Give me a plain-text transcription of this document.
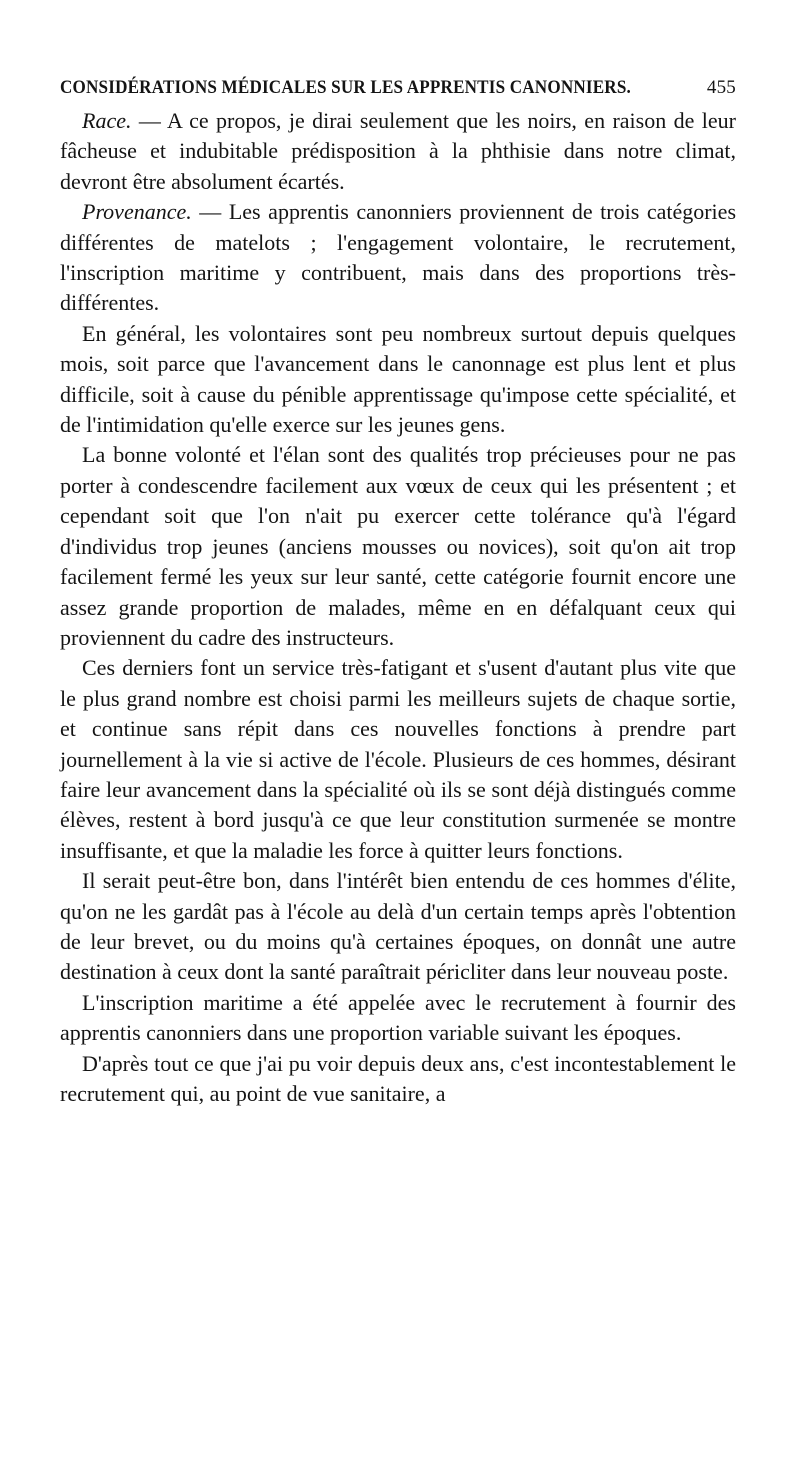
CONSIDÉRATIONS MÉDICALES SUR LES APPRENTIS CANONNIERS.	455

Race. — A ce propos, je dirai seulement que les noirs, en raison de leur fâcheuse et indubitable prédisposition à la phthisie dans notre climat, devront être absolument écartés.

Provenance. — Les apprentis canonniers proviennent de trois catégories différentes de matelots ; l'engagement volontaire, le recrutement, l'inscription maritime y contribuent, mais dans des proportions très-différentes.

En général, les volontaires sont peu nombreux surtout depuis quelques mois, soit parce que l'avancement dans le canonnage est plus lent et plus difficile, soit à cause du pénible apprentissage qu'impose cette spécialité, et de l'intimidation qu'elle exerce sur les jeunes gens.

La bonne volonté et l'élan sont des qualités trop précieuses pour ne pas porter à condescendre facilement aux vœux de ceux qui les présentent ; et cependant soit que l'on n'ait pu exercer cette tolérance qu'à l'égard d'individus trop jeunes (anciens mousses ou novices), soit qu'on ait trop facilement fermé les yeux sur leur santé, cette catégorie fournit encore une assez grande proportion de malades, même en en défalquant ceux qui proviennent du cadre des instructeurs.

Ces derniers font un service très-fatigant et s'usent d'autant plus vite que le plus grand nombre est choisi parmi les meilleurs sujets de chaque sortie, et continue sans répit dans ces nouvelles fonctions à prendre part journellement à la vie si active de l'école. Plusieurs de ces hommes, désirant faire leur avancement dans la spécialité où ils se sont déjà distingués comme élèves, restent à bord jusqu'à ce que leur constitution surmenée se montre insuffisante, et que la maladie les force à quitter leurs fonctions.

Il serait peut-être bon, dans l'intérêt bien entendu de ces hommes d'élite, qu'on ne les gardât pas à l'école au delà d'un certain temps après l'obtention de leur brevet, ou du moins qu'à certaines époques, on donnât une autre destination à ceux dont la santé paraîtrait péricliter dans leur nouveau poste.

L'inscription maritime a été appelée avec le recrutement à fournir des apprentis canonniers dans une proportion variable suivant les époques.

D'après tout ce que j'ai pu voir depuis deux ans, c'est incontestablement le recrutement qui, au point de vue sanitaire, a
